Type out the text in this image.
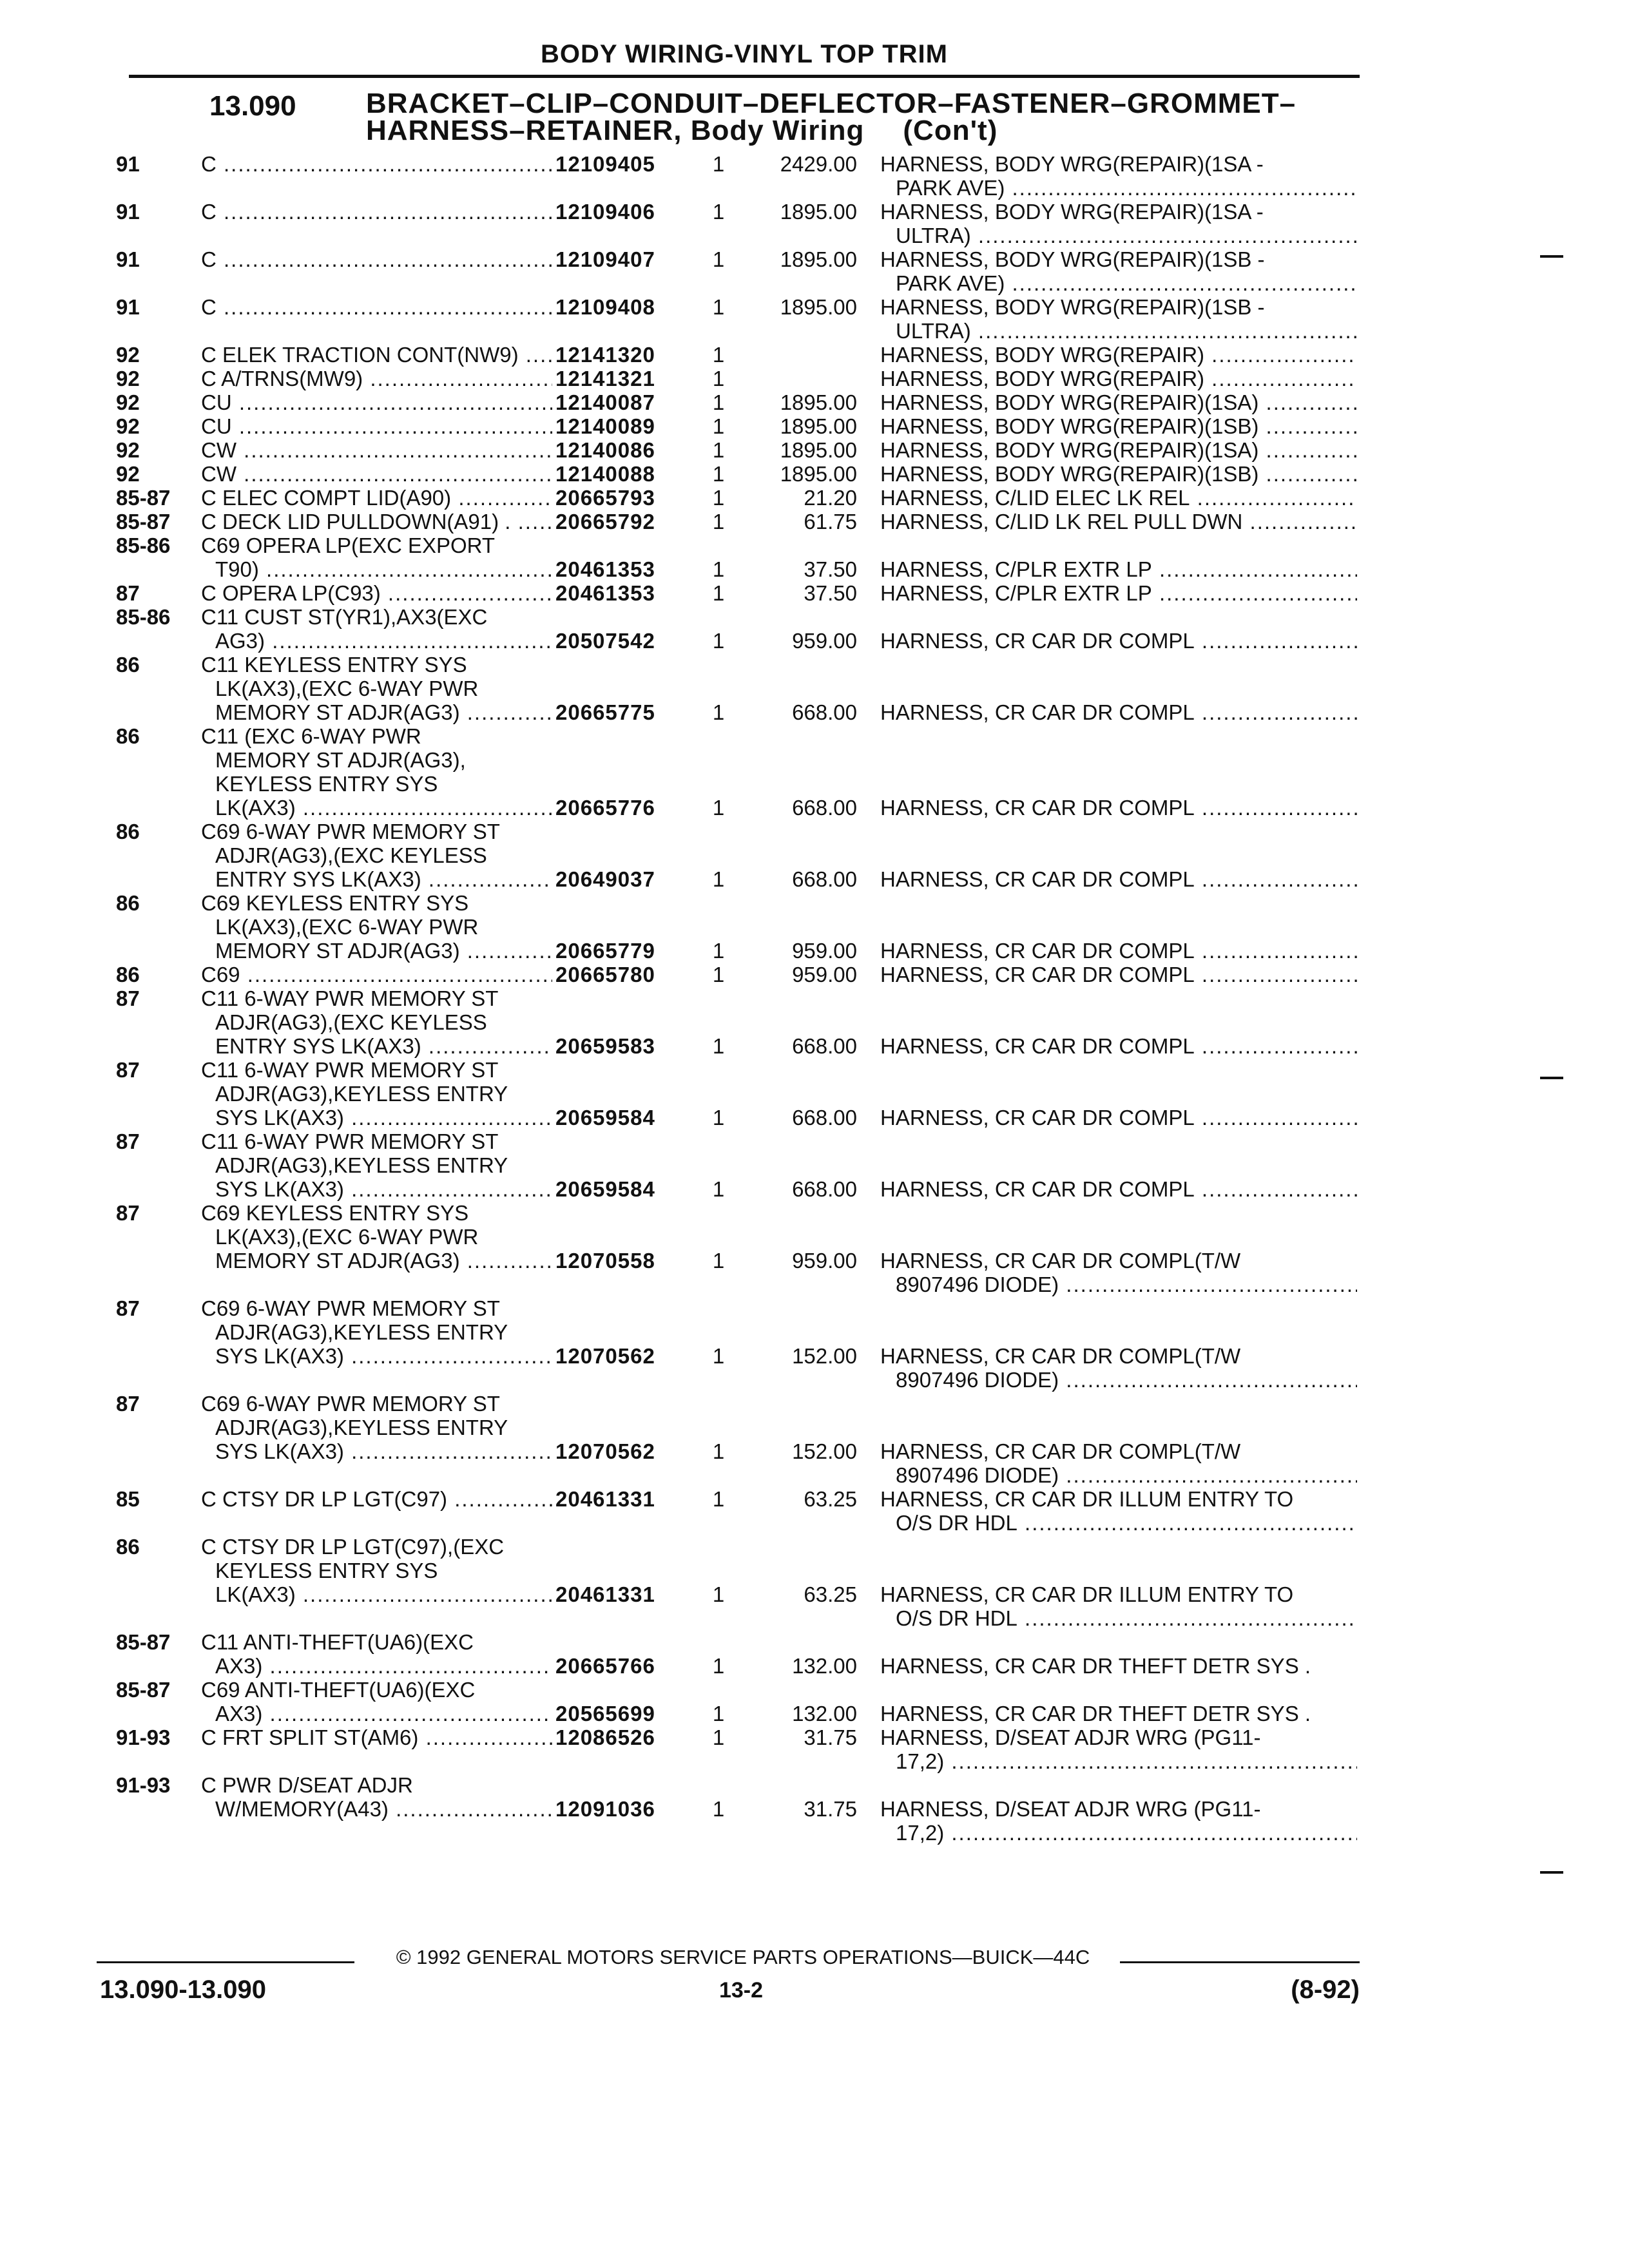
BODY WIRING-VINYL TOP TRIM
13.090 BRACKET–CLIP–CONDUIT–DEFLECTOR–FASTENER–GROMMET–
HARNESS–RETAINER, Body Wiring (Con't)
91	C .....	12109405	1	2429.00 HARNESS, BODY WRG(REPAIR)(1SA -
PARK AVE) .....
91	C .....	12109406	1	1895.00 HARNESS, BODY WRG(REPAIR)(1SA -
ULTRA) .....
91	C .....	12109407	1	1895.00 HARNESS, BODY WRG(REPAIR)(1SB -
PARK AVE) .....
91	C .....	12109408	1	1895.00 HARNESS, BODY WRG(REPAIR)(1SB -
ULTRA) .....
92	C ELEK TRACTION CONT(NW9) .....	12141320	1	HARNESS, BODY WRG(REPAIR) .....
92	C A/TRNS(MW9) .....	12141321	1	HARNESS, BODY WRG(REPAIR) .....
92	CU .....	12140087	1	1895.00 HARNESS, BODY WRG(REPAIR)(1SA) .....
92	CU .....	12140089	1	1895.00 HARNESS, BODY WRG(REPAIR)(1SB) .....
92	CW .....	12140086	1	1895.00 HARNESS, BODY WRG(REPAIR)(1SA) .....
92	CW .....	12140088	1	1895.00 HARNESS, BODY WRG(REPAIR)(1SB) .....
85-87 C ELEC COMPT LID(A90) .....	20665793	1	21.20 HARNESS, C/LID ELEC LK REL .....
85-87 C DECK LID PULLDOWN(A91) . .....	20665792	1	61.75 HARNESS, C/LID LK REL PULL DWN .....
85-86 C69 OPERA LP(EXC EXPORT
T90) .....	20461353	1	37.50 HARNESS, C/PLR EXTR LP .....
87	C OPERA LP(C93) .....	20461353	1	37.50 HARNESS, C/PLR EXTR LP .....
85-86 C11 CUST ST(YR1),AX3(EXC
AG3) .....	20507542	1	959.00 HARNESS, CR CAR DR COMPL .....
86	C11 KEYLESS ENTRY SYS
LK(AX3),(EXC 6-WAY PWR
MEMORY ST ADJR(AG3) .....	20665775	1	668.00 HARNESS, CR CAR DR COMPL .....
86	C11 (EXC 6-WAY PWR
MEMORY ST ADJR(AG3),
KEYLESS ENTRY SYS
LK(AX3) .....	20665776	1	668.00 HARNESS, CR CAR DR COMPL .....
86	C69 6-WAY PWR MEMORY ST
ADJR(AG3),(EXC KEYLESS
ENTRY SYS LK(AX3) .....	20649037	1	668.00 HARNESS, CR CAR DR COMPL .....
86	C69 KEYLESS ENTRY SYS
LK(AX3),(EXC 6-WAY PWR
MEMORY ST ADJR(AG3) .....	20665779	1	959.00 HARNESS, CR CAR DR COMPL .....
86	C69 .....	20665780	1	959.00 HARNESS, CR CAR DR COMPL .....
87	C11 6-WAY PWR MEMORY ST
ADJR(AG3),(EXC KEYLESS
ENTRY SYS LK(AX3) .....	20659583	1	668.00 HARNESS, CR CAR DR COMPL .....
87	C11 6-WAY PWR MEMORY ST
ADJR(AG3),KEYLESS ENTRY
SYS LK(AX3) .....	20659584	1	668.00 HARNESS, CR CAR DR COMPL .....
87	C11 6-WAY PWR MEMORY ST
ADJR(AG3),KEYLESS ENTRY
SYS LK(AX3) .....	20659584	1	668.00 HARNESS, CR CAR DR COMPL .....
87	C69 KEYLESS ENTRY SYS
LK(AX3),(EXC 6-WAY PWR
MEMORY ST ADJR(AG3) .....	12070558	1	959.00 HARNESS, CR CAR DR COMPL(T/W
8907496 DIODE) .....
87	C69 6-WAY PWR MEMORY ST
ADJR(AG3),KEYLESS ENTRY
SYS LK(AX3) .....	12070562	1	152.00 HARNESS, CR CAR DR COMPL(T/W
8907496 DIODE) .....
87	C69 6-WAY PWR MEMORY ST
ADJR(AG3),KEYLESS ENTRY
SYS LK(AX3) .....	12070562	1	152.00 HARNESS, CR CAR DR COMPL(T/W
8907496 DIODE) .....
85	C CTSY DR LP LGT(C97) .....	20461331	1	63.25 HARNESS, CR CAR DR ILLUM ENTRY TO
O/S DR HDL .....
86	C CTSY DR LP LGT(C97),(EXC
KEYLESS ENTRY SYS
LK(AX3) .....	20461331	1	63.25 HARNESS, CR CAR DR ILLUM ENTRY TO
O/S DR HDL .....
85-87 C11 ANTI-THEFT(UA6)(EXC
AX3) .....	20665766	1	132.00 HARNESS, CR CAR DR THEFT DETR SYS .
85-87 C69 ANTI-THEFT(UA6)(EXC
AX3) .....	20565699	1	132.00 HARNESS, CR CAR DR THEFT DETR SYS .
91-93 C FRT SPLIT ST(AM6) .....	12086526	1	31.75 HARNESS, D/SEAT ADJR WRG (PG11-
17,2) .....
91-93 C PWR D/SEAT ADJR
W/MEMORY(A43) .....	12091036	1	31.75 HARNESS, D/SEAT ADJR WRG (PG11-
17,2) .....
© 1992 GENERAL MOTORS SERVICE PARTS OPERATIONS—BUICK—44C
13.090-13.090	13-2	(8-92)
